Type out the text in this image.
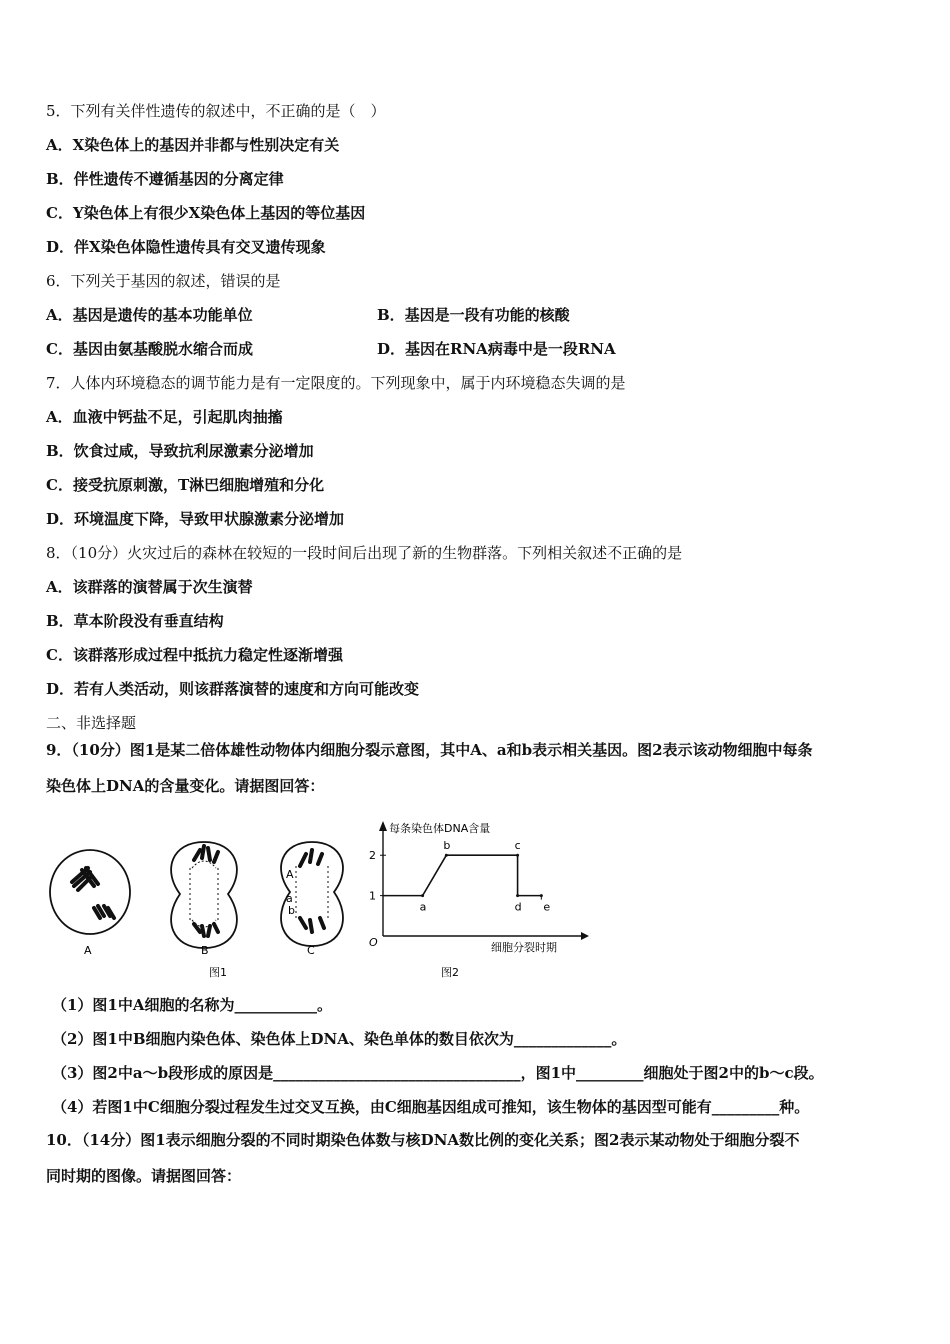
5．下列有关伴性遗传的叙述中，不正确的是（　）
A．X染色体上的基因并非都与性别决定有关
B．伴性遗传不遵循基因的分离定律
C．Y染色体上有很少X染色体上基因的等位基因
D．伴X染色体隐性遗传具有交叉遗传现象
6．下列关于基因的叙述，错误的是
A．基因是遗传的基本功能单位	B．基因是一段有功能的核酸
C．基因由氨基酸脱水缩合而成	D．基因在RNA病毒中是一段RNA
7．人体内环境稳态的调节能力是有一定限度的。下列现象中，属于内环境稳态失调的是
A．血液中钙盐不足，引起肌肉抽搐
B．饮食过咸，导致抗利尿激素分泌增加
C．接受抗原刺激，T淋巴细胞增殖和分化
D．环境温度下降，导致甲状腺激素分泌增加
8．（10分）火灾过后的森林在较短的一段时间后出现了新的生物群落。下列相关叙述不正确的是
A．该群落的演替属于次生演替
B．草本阶段没有垂直结构
C．该群落形成过程中抵抗力稳定性逐渐增强
D．若有人类活动，则该群落演替的速度和方向可能改变
二、非选择题
9．（10分）图1是某二倍体雄性动物体内细胞分裂示意图，其中A、a和b表示相关基因。图2表示该动物细胞中每条
染色体上DNA的含量变化。请据图回答：
A
a
b
A	B	C
图1
每条染色体DNA含量
细胞分裂时期
O
1
2
a
b	c
d e
图2
（1）图1中A细胞的名称为___________。
（2）图1中B细胞内染色体、染色体上DNA、染色单体的数目依次为_____________。
（3）图2中a～b段形成的原因是_________________________________，图1中_________细胞处于图2中的b～c段。
（4）若图1中C细胞分裂过程发生过交叉互换，由C细胞基因组成可推知，该生物体的基因型可能有_________种。
10．（14分）图1表示细胞分裂的不同时期染色体数与核DNA数比例的变化关系；图2表示某动物处于细胞分裂不
同时期的图像。请据图回答：
